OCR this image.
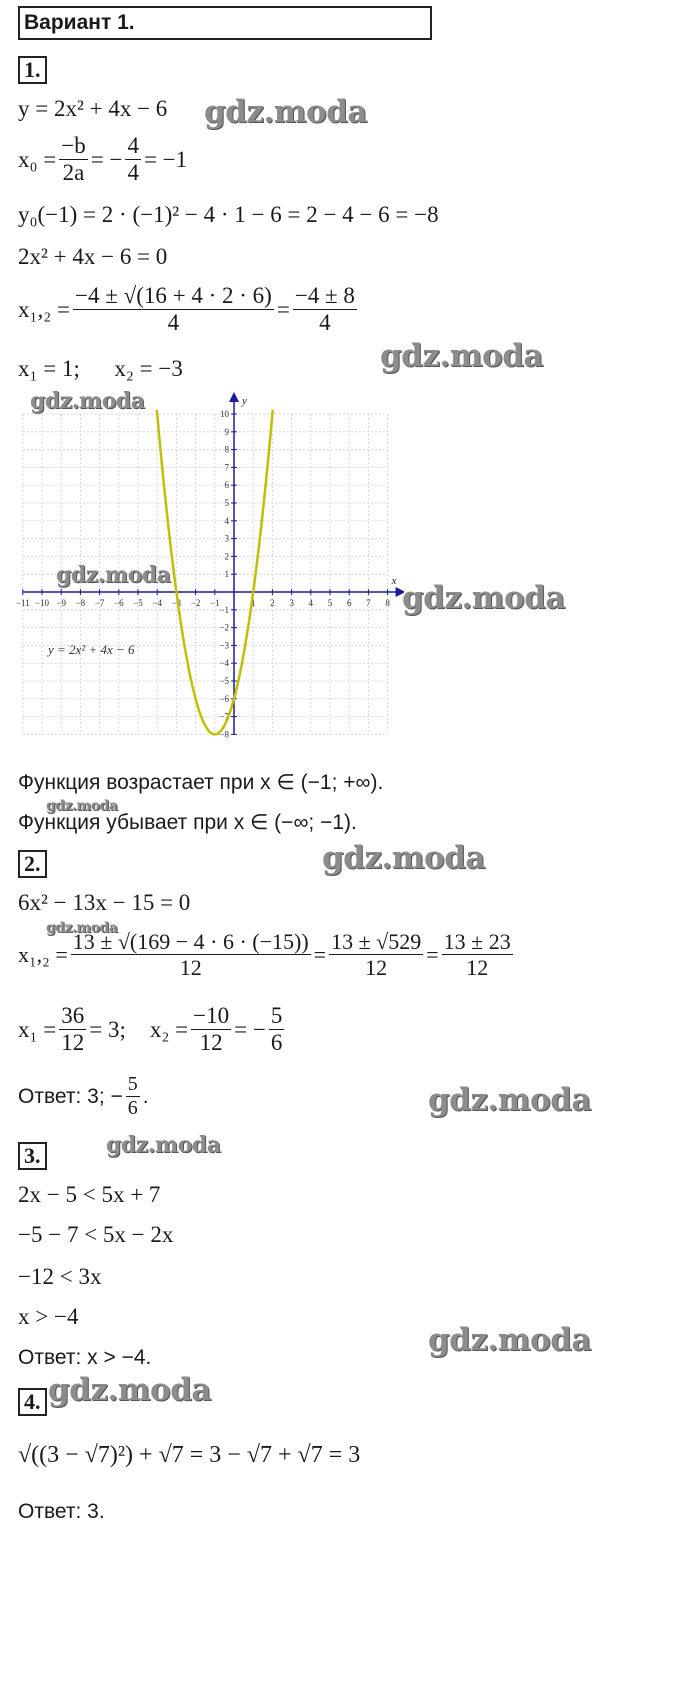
Вариант 1.
1.
y = 2x² + 4x − 6
$x_0 = \frac{-b}{2a}$ = − $\frac{4}{4} = -1$
y₀(−1) = 2 · (−1)² − 4 · 1 − 6 = 2 − 4 − 6 = −8
2x² + 4x − 6 = 0
$x_1,_2 = \frac{-4 \pm √(16 + 4 \cdot 2 \cdot 6)}{4} = \frac{-4 \pm 8}{4}$
x₁ = 1;      x₂ = −3
x
y
−11 −10 −9 −8 −7 −6 −5 −4 −3 −2 −1	1 2 3 4 5 6 7 8
−8
−7
−6
−5
−4
−3
−2
−1
1
2
3
4
5
6
7
8
9
10
y = 2x² + 4x − 6
Функция возрастает при x ∈ (−1; +∞).
Функция убывает при x ∈ (−∞; −1).
2.
6x² − 13x − 15 = 0
$x_1,_2 = \frac{13 \pm √(169 - 4 \cdot 6 \cdot (-15))}{12} = \frac{13 \pm √529}{12} = \frac{13 \pm 23}{12}$
$x_1 = \frac{36}{12} = 3$; $x_2 = \frac{-10}{12}$ = − $\frac{5}{6}$
Ответ: 3; − $\frac{5}{6}$ .
3.
2x − 5 < 5x + 7
−5 − 7 < 5x − 2x
−12 < 3x
x > −4
Ответ: x > −4.
4.
√((3 − √7)²) + √7 = 3 − √7 + √7 = 3
Ответ: 3.
gdz.moda
gdz.moda
gdz.moda
gdz.moda
gdz.moda
gdz.moda
gdz.moda
gdz.moda
gdz.moda
gdz.moda
gdz.moda
gdz.moda
